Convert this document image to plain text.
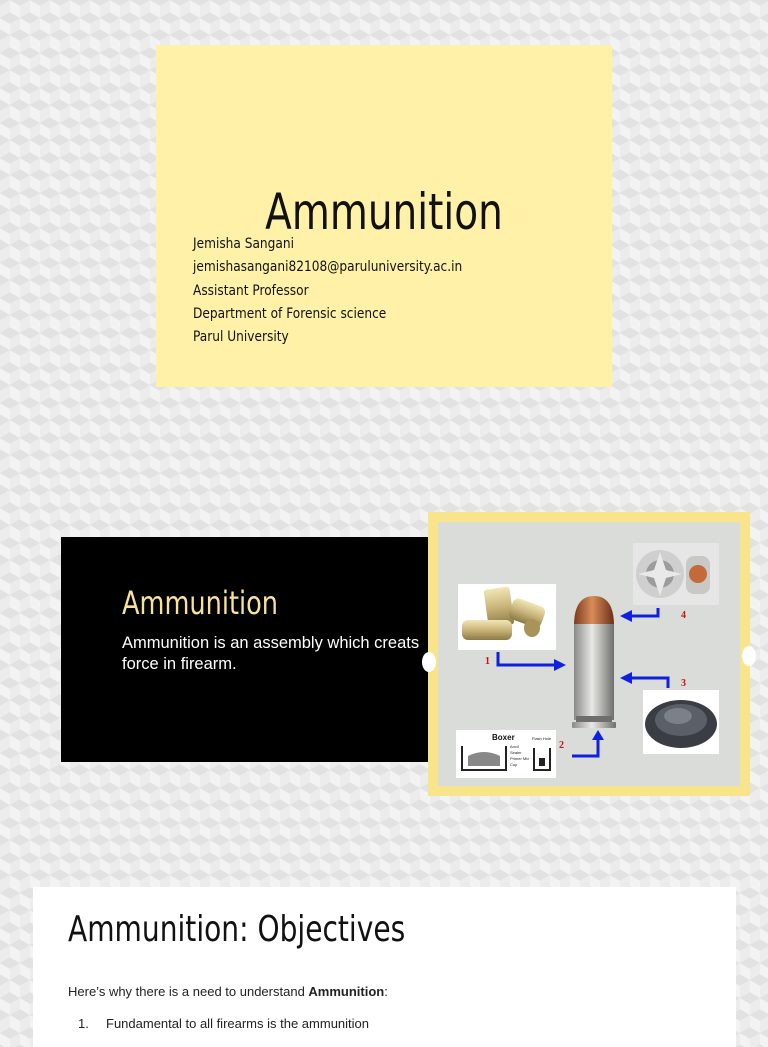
Ammunition
Jemisha Sangani
jemishasangani82108@paruluniversity.ac.in
Assistant Professor
Department of Forensic science
Parul University
Ammunition
Ammunition is an assembly which creats force in firearm.
Boxer
Anvil
Sealer
Primer Mix
Cup
Flash Hole
1
2
3
4
Ammunition: Objectives
Here’s why there is a need to understand Ammunition:
1. Fundamental to all firearms is the ammunition
